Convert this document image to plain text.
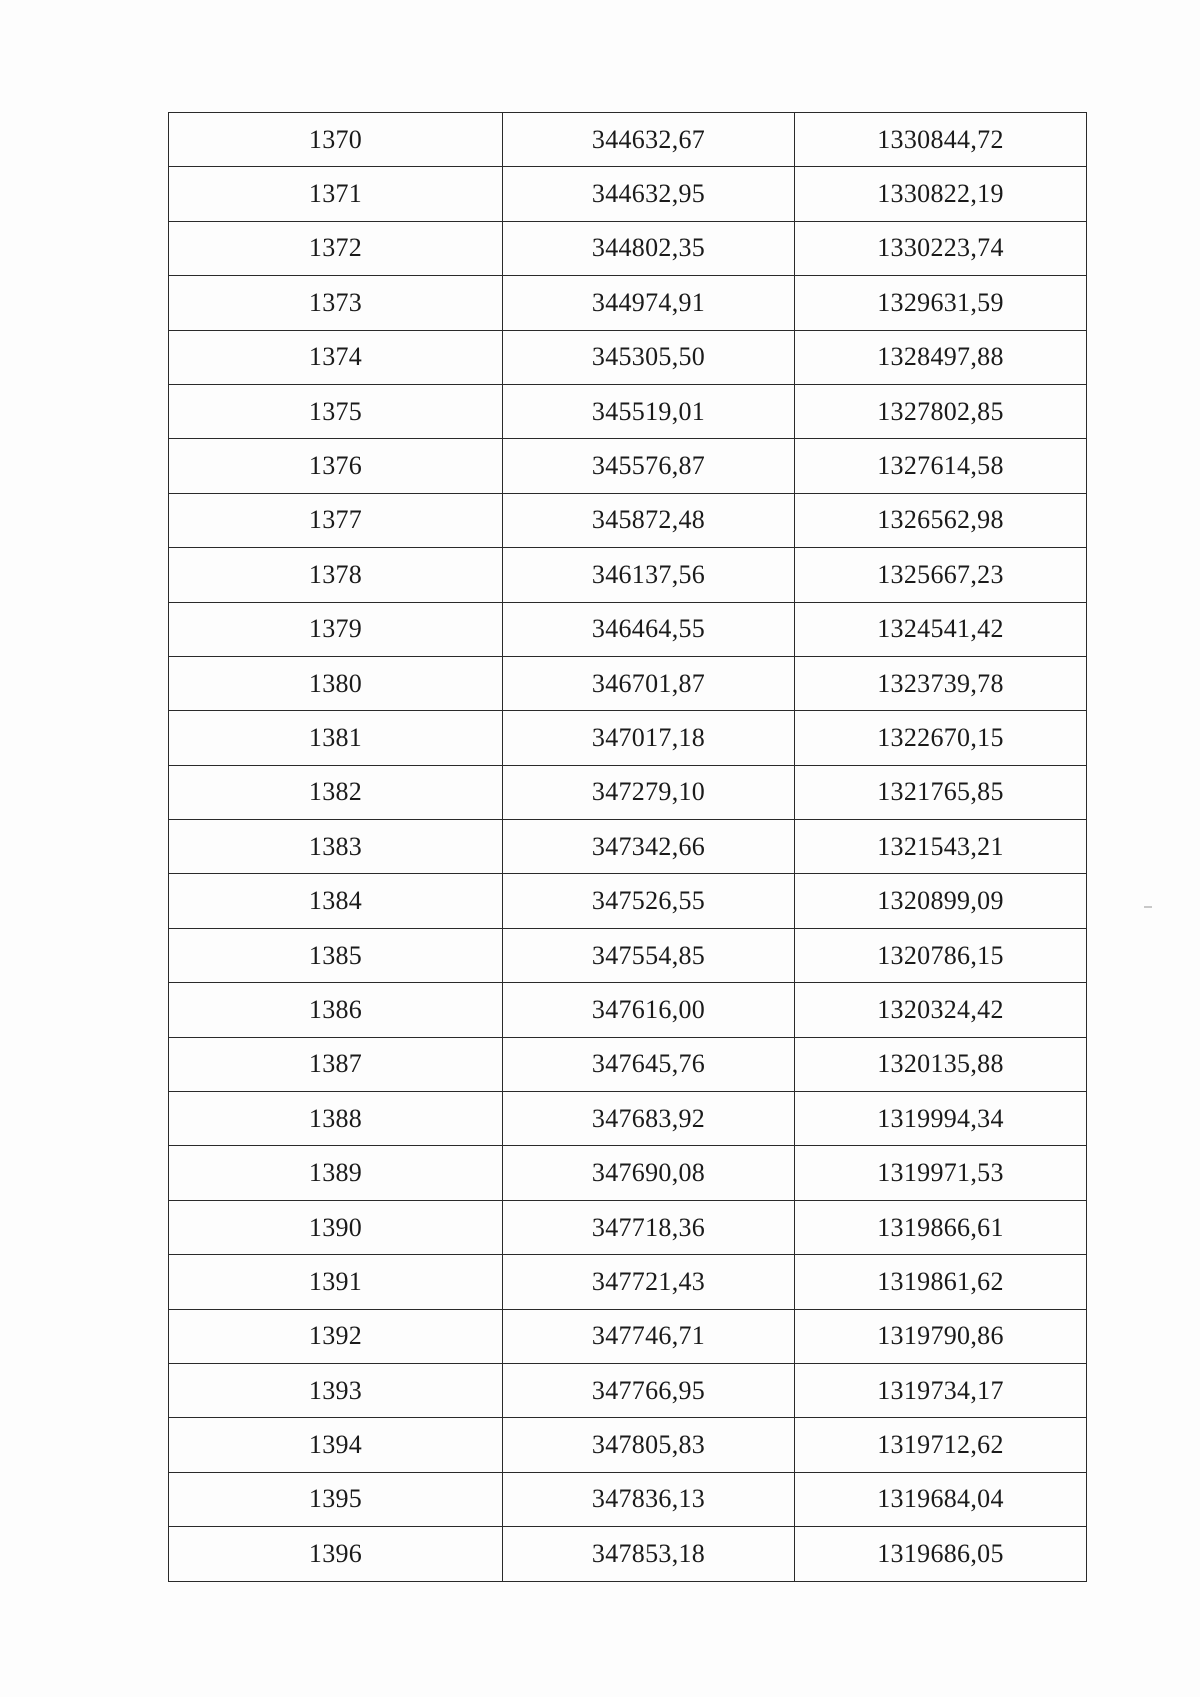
1370	344632,67	1330844,72
1371	344632,95	1330822,19
1372	344802,35	1330223,74
1373	344974,91	1329631,59
1374	345305,50	1328497,88
1375	345519,01	1327802,85
1376	345576,87	1327614,58
1377	345872,48	1326562,98
1378	346137,56	1325667,23
1379	346464,55	1324541,42
1380	346701,87	1323739,78
1381	347017,18	1322670,15
1382	347279,10	1321765,85
1383	347342,66	1321543,21
1384	347526,55	1320899,09
1385	347554,85	1320786,15
1386	347616,00	1320324,42
1387	347645,76	1320135,88
1388	347683,92	1319994,34
1389	347690,08	1319971,53
1390	347718,36	1319866,61
1391	347721,43	1319861,62
1392	347746,71	1319790,86
1393	347766,95	1319734,17
1394	347805,83	1319712,62
1395	347836,13	1319684,04
1396	347853,18	1319686,05
